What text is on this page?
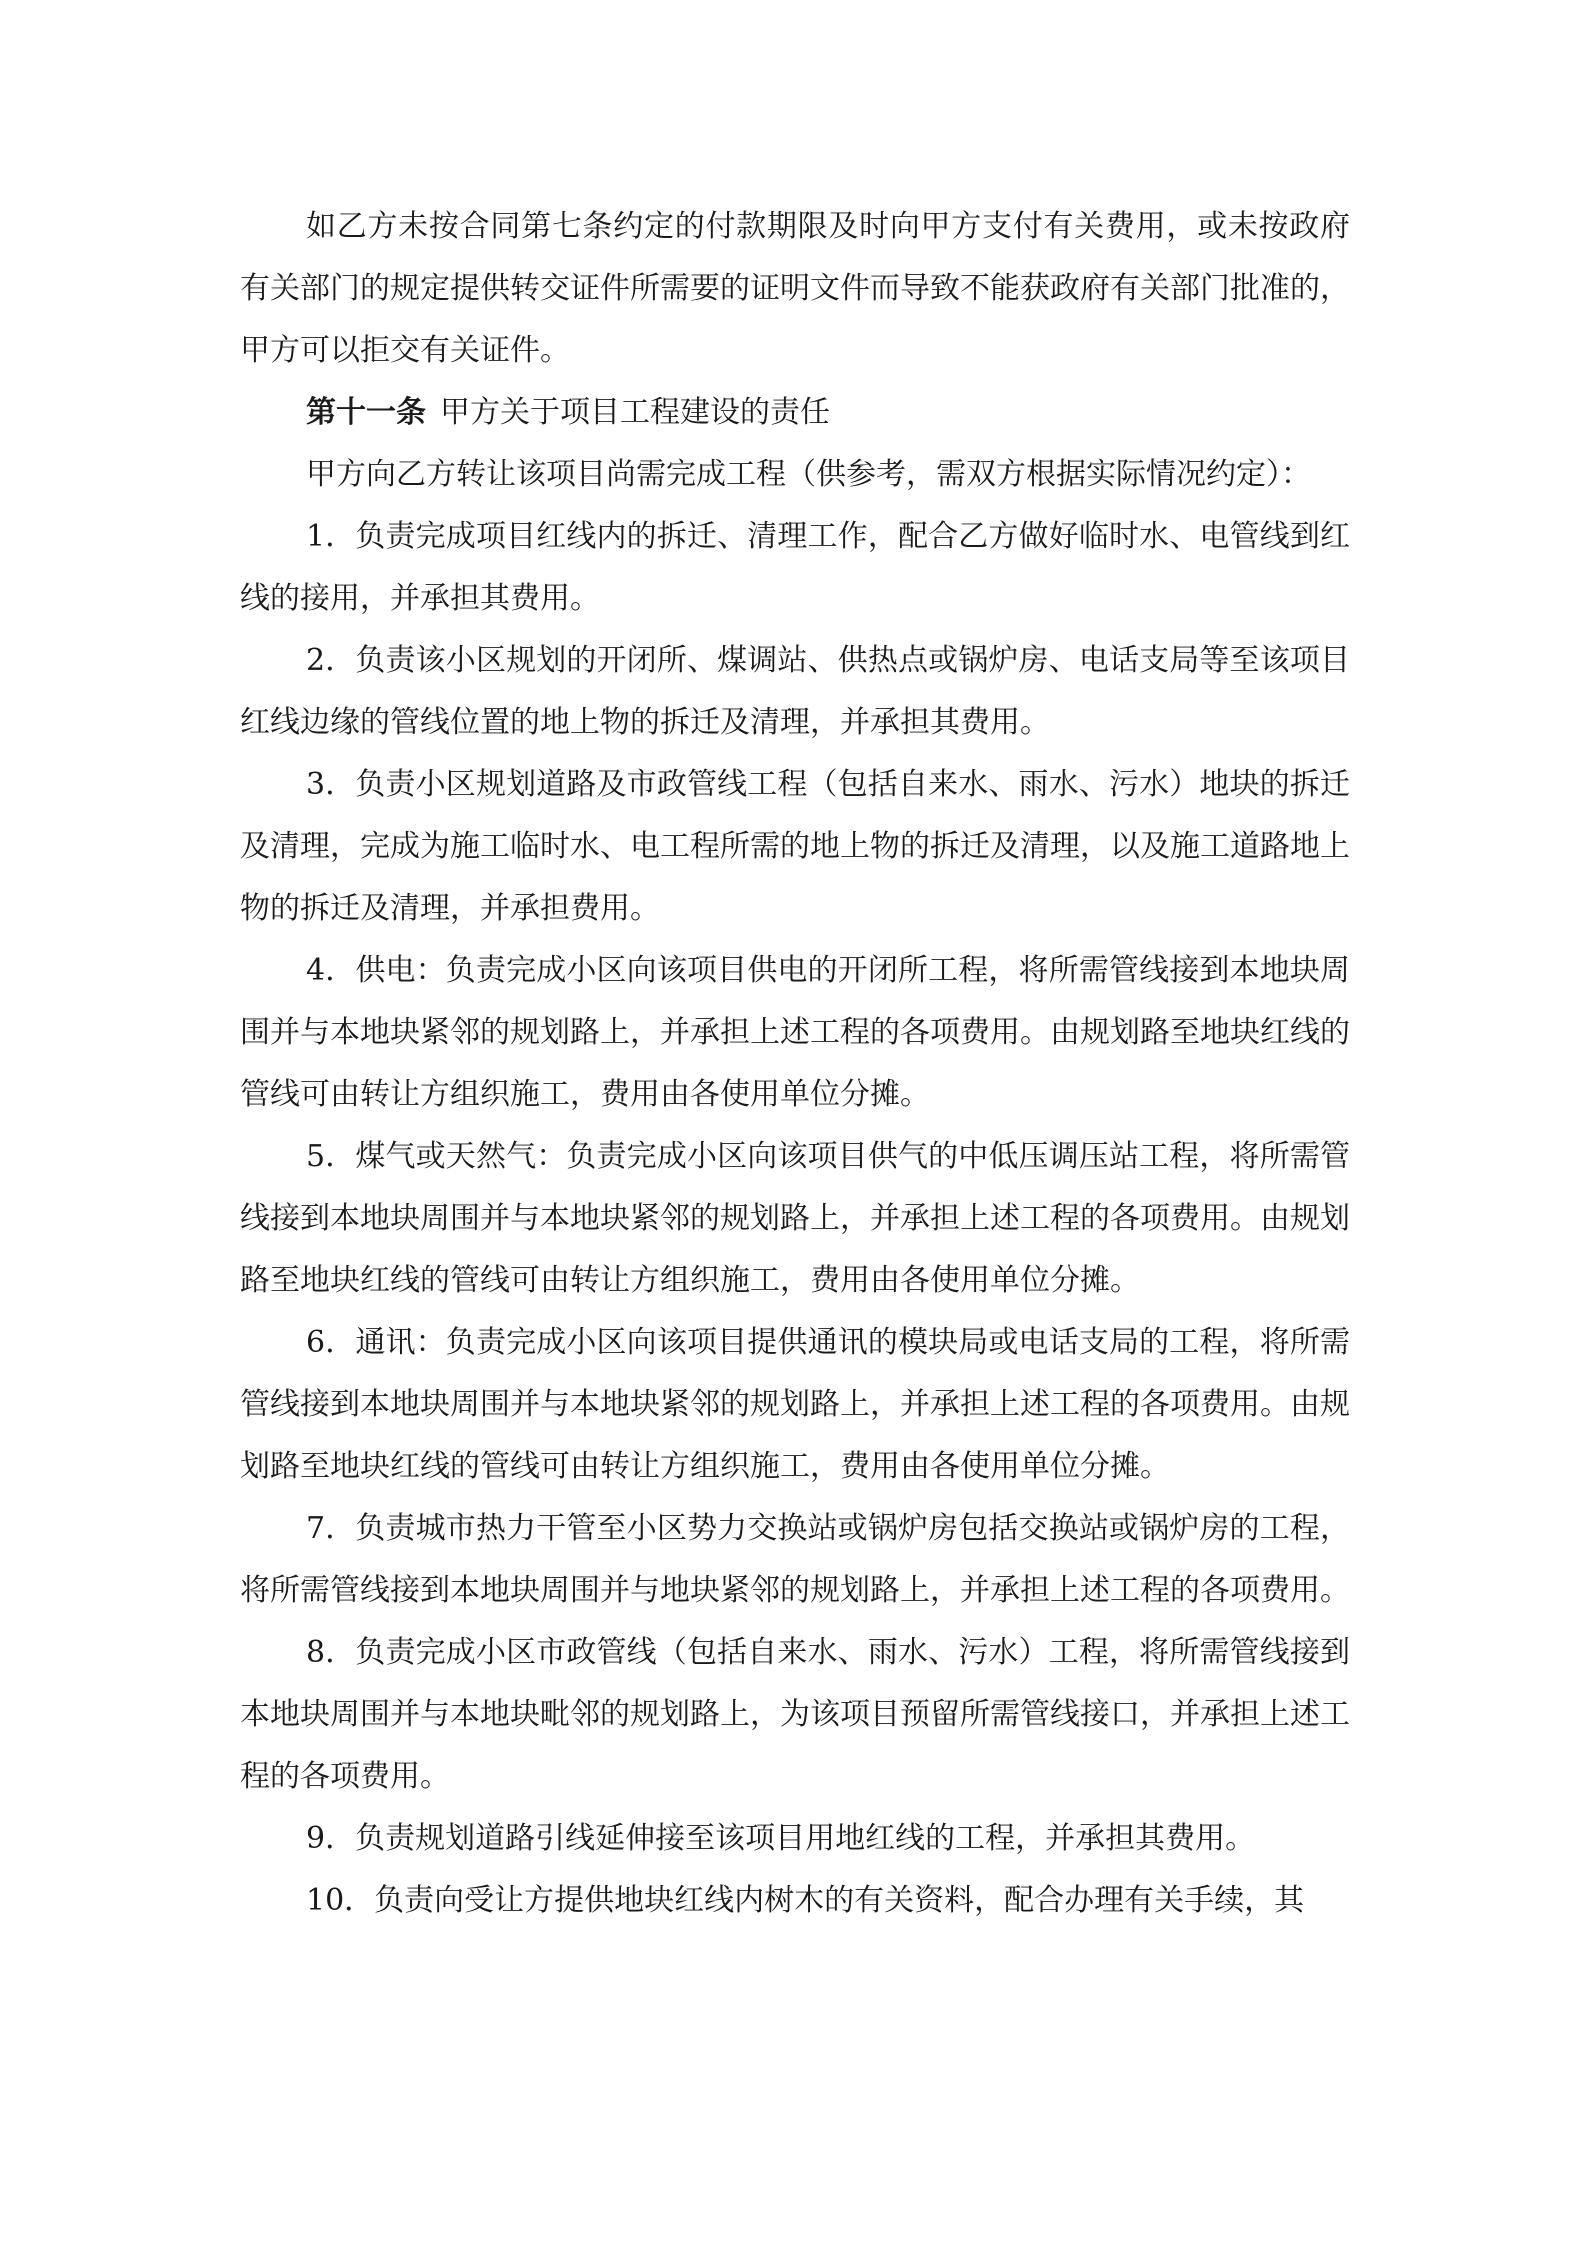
如乙方未按合同第七条约定的付款期限及时向甲方支付有关费用，或未按政府有关部门的规定提供转交证件所需要的证明文件而导致不能获政府有关部门批准的，甲方可以拒交有关证件。

第十一条 甲方关于项目工程建设的责任

甲方向乙方转让该项目尚需完成工程（供参考，需双方根据实际情况约定）：

1．负责完成项目红线内的拆迁、清理工作，配合乙方做好临时水、电管线到红线的接用，并承担其费用。

2．负责该小区规划的开闭所、煤调站、供热点或锅炉房、电话支局等至该项目红线边缘的管线位置的地上物的拆迁及清理，并承担其费用。

3．负责小区规划道路及市政管线工程（包括自来水、雨水、污水）地块的拆迁及清理，完成为施工临时水、电工程所需的地上物的拆迁及清理，以及施工道路地上物的拆迁及清理，并承担费用。

4．供电：负责完成小区向该项目供电的开闭所工程，将所需管线接到本地块周围并与本地块紧邻的规划路上，并承担上述工程的各项费用。由规划路至地块红线的管线可由转让方组织施工，费用由各使用单位分摊。

5．煤气或天然气：负责完成小区向该项目供气的中低压调压站工程，将所需管线接到本地块周围并与本地块紧邻的规划路上，并承担上述工程的各项费用。由规划路至地块红线的管线可由转让方组织施工，费用由各使用单位分摊。

6．通讯：负责完成小区向该项目提供通讯的模块局或电话支局的工程，将所需管线接到本地块周围并与本地块紧邻的规划路上，并承担上述工程的各项费用。由规划路至地块红线的管线可由转让方组织施工，费用由各使用单位分摊。

7．负责城市热力干管至小区势力交换站或锅炉房包括交换站或锅炉房的工程，将所需管线接到本地块周围并与地块紧邻的规划路上，并承担上述工程的各项费用。

8．负责完成小区市政管线（包括自来水、雨水、污水）工程，将所需管线接到本地块周围并与本地块毗邻的规划路上，为该项目预留所需管线接口，并承担上述工程的各项费用。

9．负责规划道路引线延伸接至该项目用地红线的工程，并承担其费用。

10．负责向受让方提供地块红线内树木的有关资料，配合办理有关手续，其
